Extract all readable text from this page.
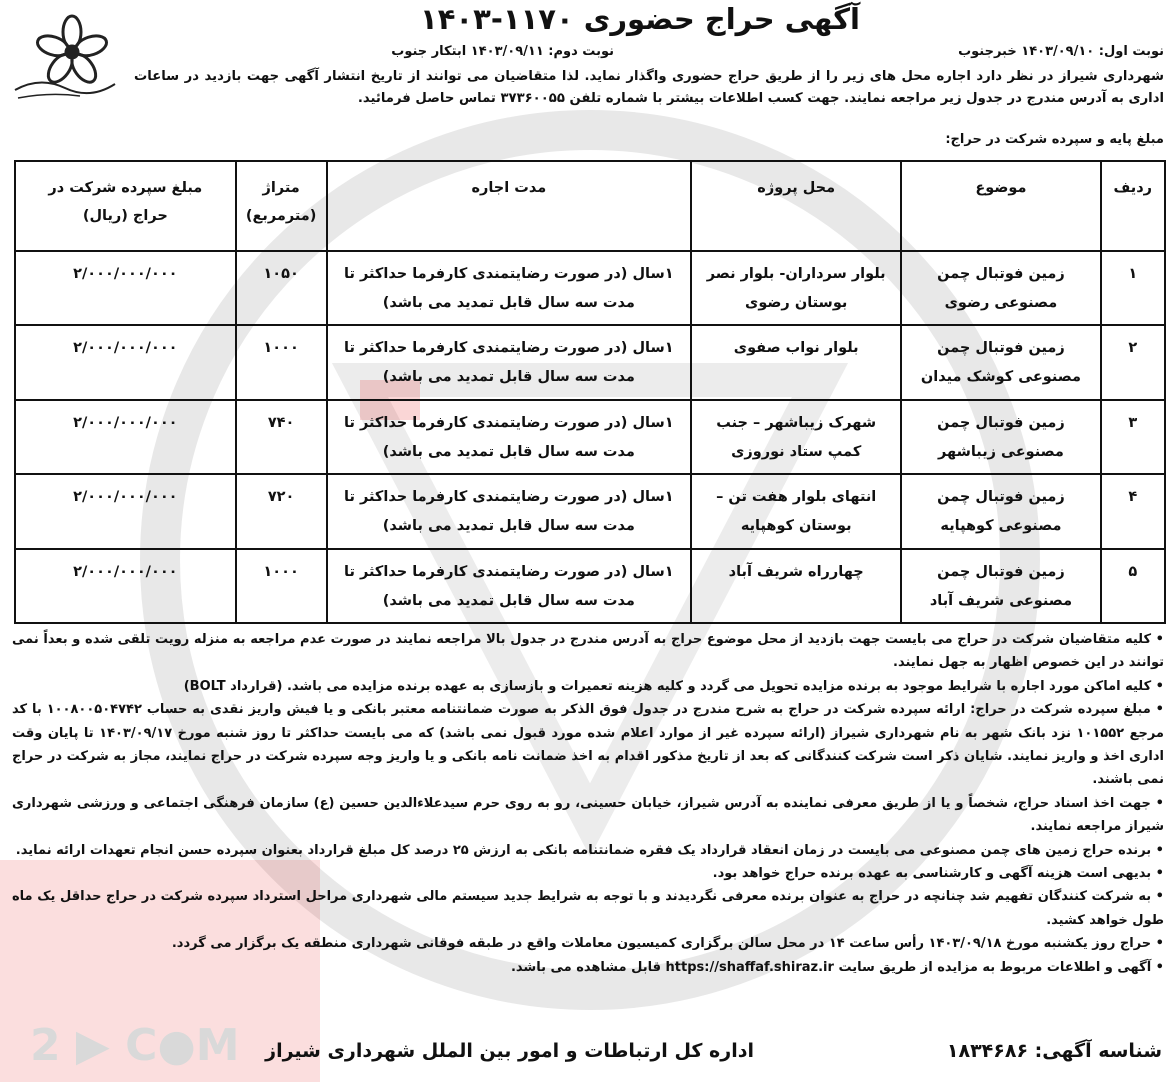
2 ▶ C●M
آگهی حراج حضوری ۱۱۷۰-۱۴۰۳
نوبت اول: ۱۴۰۳/۰۹/۱۰ خبرجنوب
نوبت دوم: ۱۴۰۳/۰۹/۱۱ ابتکار جنوب
شهرداری شیراز در نظر دارد اجاره محل های زیر را از طریق حراج حضوری واگذار نماید. لذا متقاضیان می توانند از تاریخ انتشار آگهی جهت بازدید در ساعات اداری به آدرس مندرج در جدول زیر مراجعه نمایند. جهت کسب اطلاعات بیشتر با شماره تلفن ۳۷۳۶۰۰۵۵ تماس حاصل فرمائید.
مبلغ پایه و سپرده شرکت در حراج:
ردیف	موضوع	محل پروژه	مدت اجاره	متراژ (مترمربع)	مبلغ سپرده شرکت در حراج (ریال)
۱	زمین فوتبال چمن مصنوعی رضوی	بلوار سرداران- بلوار نصر بوستان رضوی	۱سال (در صورت رضایتمندی کارفرما حداکثر تا مدت سه سال قابل تمدید می باشد)	۱۰۵۰	۲/۰۰۰/۰۰۰/۰۰۰
۲	زمین فوتبال چمن مصنوعی کوشک میدان	بلوار نواب صفوی	۱سال (در صورت رضایتمندی کارفرما حداکثر تا مدت سه سال قابل تمدید می باشد)	۱۰۰۰	۲/۰۰۰/۰۰۰/۰۰۰
۳	زمین فوتبال چمن مصنوعی زیباشهر	شهرک زیباشهر – جنب کمپ ستاد نوروزی	۱سال (در صورت رضایتمندی کارفرما حداکثر تا مدت سه سال قابل تمدید می باشد)	۷۴۰	۲/۰۰۰/۰۰۰/۰۰۰
۴	زمین فوتبال چمن مصنوعی کوهپایه	انتهای بلوار هفت تن – بوستان کوهپایه	۱سال (در صورت رضایتمندی کارفرما حداکثر تا مدت سه سال قابل تمدید می باشد)	۷۲۰	۲/۰۰۰/۰۰۰/۰۰۰
۵	زمین فوتبال چمن مصنوعی شریف آباد	چهارراه شریف آباد	۱سال (در صورت رضایتمندی کارفرما حداکثر تا مدت سه سال قابل تمدید می باشد)	۱۰۰۰	۲/۰۰۰/۰۰۰/۰۰۰
• کلیه متقاضیان شرکت در حراج می بایست جهت بازدید از محل موضوع حراج به آدرس مندرج در جدول بالا مراجعه نمایند در صورت عدم مراجعه به منزله رویت تلقی شده و بعداً نمی توانند در این خصوص اظهار به جهل نمایند.
• کلیه اماکن مورد اجاره با شرایط موجود به برنده مزایده تحویل می گردد و کلیه هزینه تعمیرات و بازسازی به عهده برنده مزایده می باشد. (قرارداد BOLT)
• مبلغ سپرده شرکت در حراج: ارائه سپرده شرکت در حراج به شرح مندرج در جدول فوق الذکر به صورت ضمانتنامه معتبر بانکی و یا فیش واریز نقدی به حساب ۱۰۰۸۰۰۵۰۴۷۴۲ با کد مرجع ۱۰۱۵۵۲ نزد بانک شهر به نام شهرداری شیراز (ارائه سپرده غیر از موارد اعلام شده مورد قبول نمی باشد) که می بایست حداکثر تا روز شنبه مورخ ۱۴۰۳/۰۹/۱۷ تا پایان وقت اداری اخذ و واریز نمایند. شایان ذکر است شرکت کنندگانی که بعد از تاریخ مذکور اقدام به اخذ ضمانت نامه بانکی و یا واریز وجه سپرده شرکت در حراج نمایند، مجاز به شرکت در حراج نمی باشند.
• جهت اخذ اسناد حراج، شخصاً و یا از طریق معرفی نماینده به آدرس شیراز، خیابان حسینی، رو به روی حرم سیدعلاءالدین حسین (ع) سازمان فرهنگی اجتماعی و ورزشی شهرداری شیراز مراجعه نمایند.
• برنده حراج زمین های چمن مصنوعی می بایست در زمان انعقاد قرارداد یک فقره ضمانتنامه بانکی به ارزش ۲۵ درصد کل مبلغ قرارداد بعنوان سپرده حسن انجام تعهدات ارائه نماید.
• بدیهی است هزینه آگهی و کارشناسی به عهده برنده حراج خواهد بود.
• به شرکت کنندگان تفهیم شد چنانچه در حراج به عنوان برنده معرفی نگردیدند و با توجه به شرایط جدید سیستم مالی شهرداری مراحل استرداد سپرده شرکت در حراج حداقل یک ماه طول خواهد کشید.
• حراج روز یکشنبه مورخ ۱۴۰۳/۰۹/۱۸ رأس ساعت ۱۴ در محل سالن برگزاری کمیسیون معاملات واقع در طبقه فوقانی شهرداری منطقه یک برگزار می گردد.
• آگهی و اطلاعات مربوط به مزایده از طریق سایت https://shaffaf.shiraz.ir قابل مشاهده می باشد.
شناسه آگهی: ۱۸۳۴۶۸۶
اداره کل ارتباطات و امور بین الملل شهرداری شیراز
